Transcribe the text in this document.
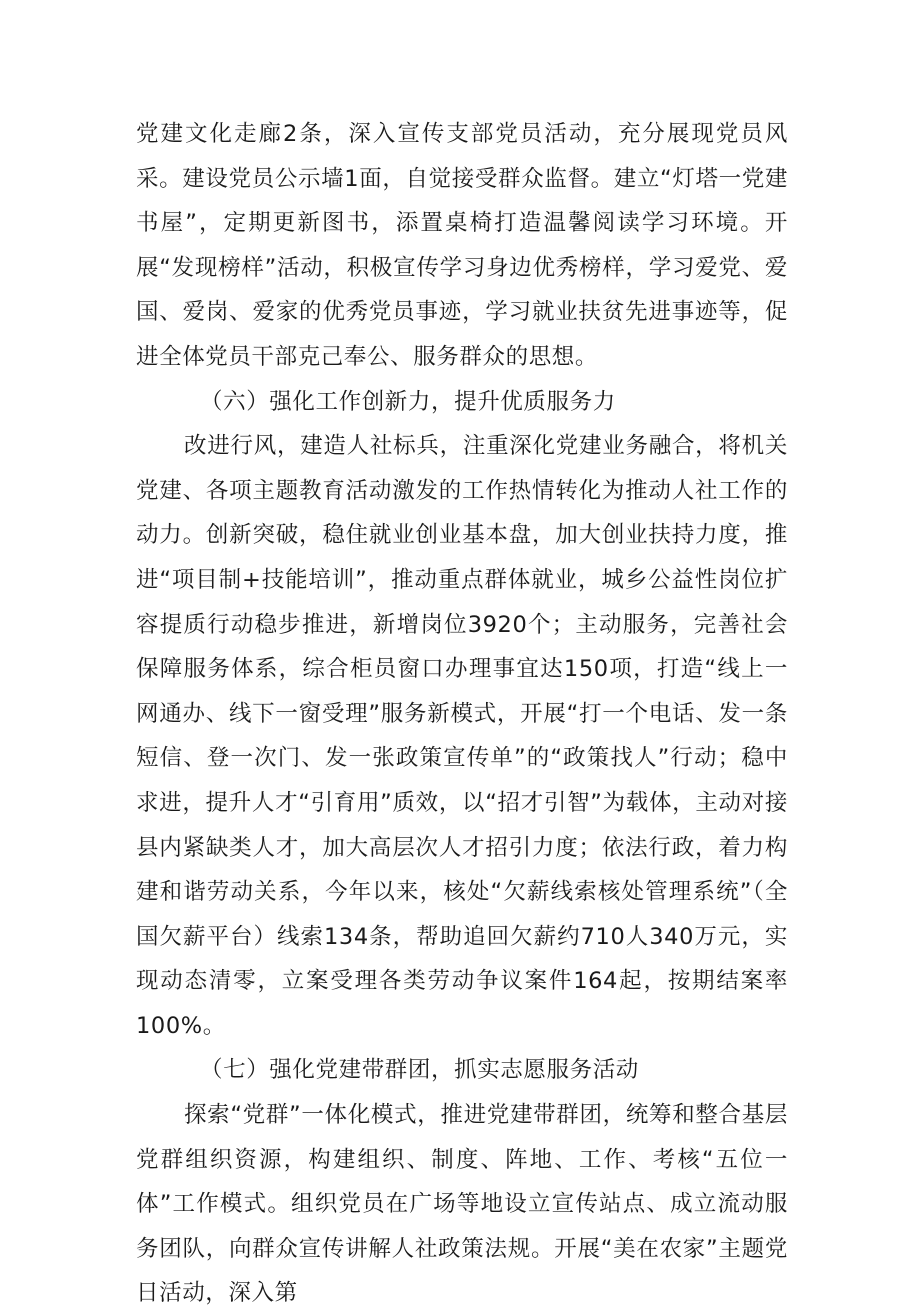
党建文化走廊2条，深入宣传支部党员活动，充分展现党员风采。建设党员公示墙1面，自觉接受群众监督。建立“灯塔一党建书屋”，定期更新图书，添置桌椅打造温馨阅读学习环境。开展“发现榜样”活动，积极宣传学习身边优秀榜样，学习爱党、爱国、爱岗、爱家的优秀党员事迹，学习就业扶贫先进事迹等，促进全体党员干部克己奉公、服务群众的思想。

（六）强化工作创新力，提升优质服务力

改进行风，建造人社标兵，注重深化党建业务融合，将机关党建、各项主题教育活动激发的工作热情转化为推动人社工作的动力。创新突破，稳住就业创业基本盘，加大创业扶持力度，推进“项目制+技能培训”，推动重点群体就业，城乡公益性岗位扩容提质行动稳步推进，新增岗位3920个；主动服务，完善社会保障服务体系，综合柜员窗口办理事宜达150项，打造“线上一网通办、线下一窗受理”服务新模式，开展“打一个电话、发一条短信、登一次门、发一张政策宣传单”的“政策找人”行动；稳中求进，提升人才“引育用”质效，以“招才引智”为载体，主动对接县内紧缺类人才，加大高层次人才招引力度；依法行政，着力构建和谐劳动关系，今年以来，核处“欠薪线索核处管理系统”（全国欠薪平台）线索134条，帮助追回欠薪约710人340万元，实现动态清零，立案受理各类劳动争议案件164起，按期结案率100%。

（七）强化党建带群团，抓实志愿服务活动

探索“党群”一体化模式，推进党建带群团，统筹和整合基层党群组织资源，构建组织、制度、阵地、工作、考核“五位一体”工作模式。组织党员在广场等地设立宣传站点、成立流动服务团队，向群众宣传讲解人社政策法规。开展“美在农家”主题党日活动，深入第
